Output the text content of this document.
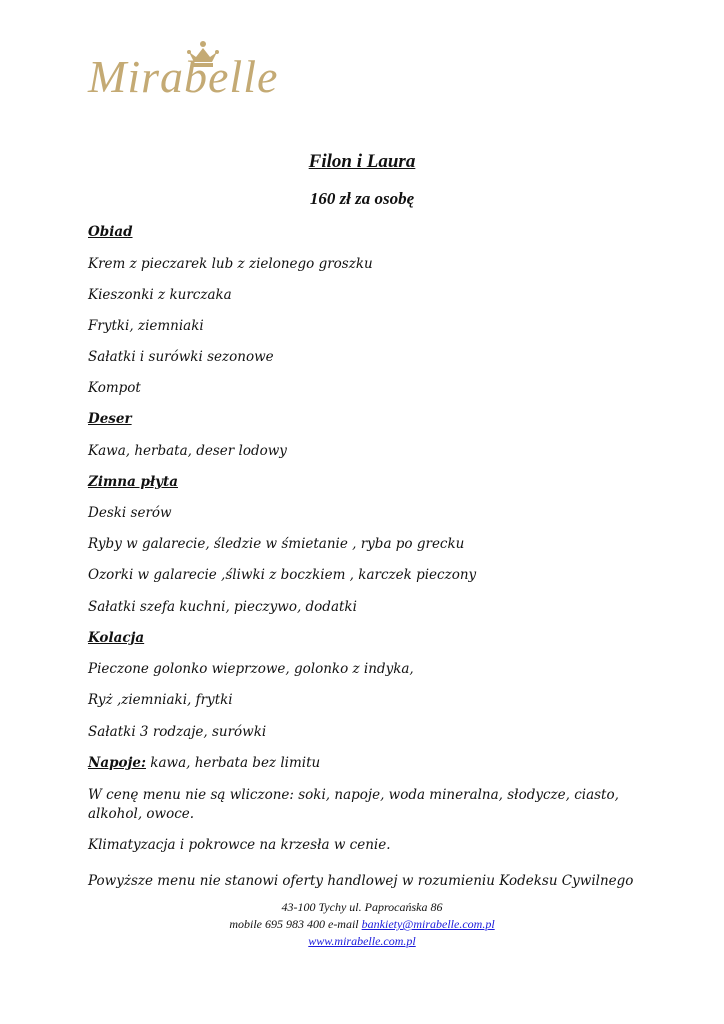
Mirabelle
Filon i Laura
160 zł za osobę
Obiad
Krem z pieczarek lub z zielonego groszku
Kieszonki z kurczaka
Frytki, ziemniaki
Sałatki i surówki sezonowe
Kompot
Deser
Kawa, herbata, deser lodowy
Zimna płyta
Deski serów
Ryby w galarecie, śledzie w śmietanie , ryba po grecku
Ozorki w galarecie ,śliwki z boczkiem , karczek pieczony
Sałatki szefa kuchni, pieczywo, dodatki
Kolacja
Pieczone golonko wieprzowe, golonko z indyka,
Ryż ,ziemniaki, frytki
Sałatki 3 rodzaje, surówki
Napoje: kawa, herbata bez limitu
W cenę menu nie są wliczone: soki, napoje, woda mineralna, słodycze, ciasto, alkohol, owoce.
Klimatyzacja i pokrowce na krzesła w cenie.
Powyższe menu nie stanowi oferty handlowej w rozumieniu Kodeksu Cywilnego
43-100 Tychy ul. Paprocańska 86
mobile 695 983 400 e-mail bankiety@mirabelle.com.pl
www.mirabelle.com.pl
